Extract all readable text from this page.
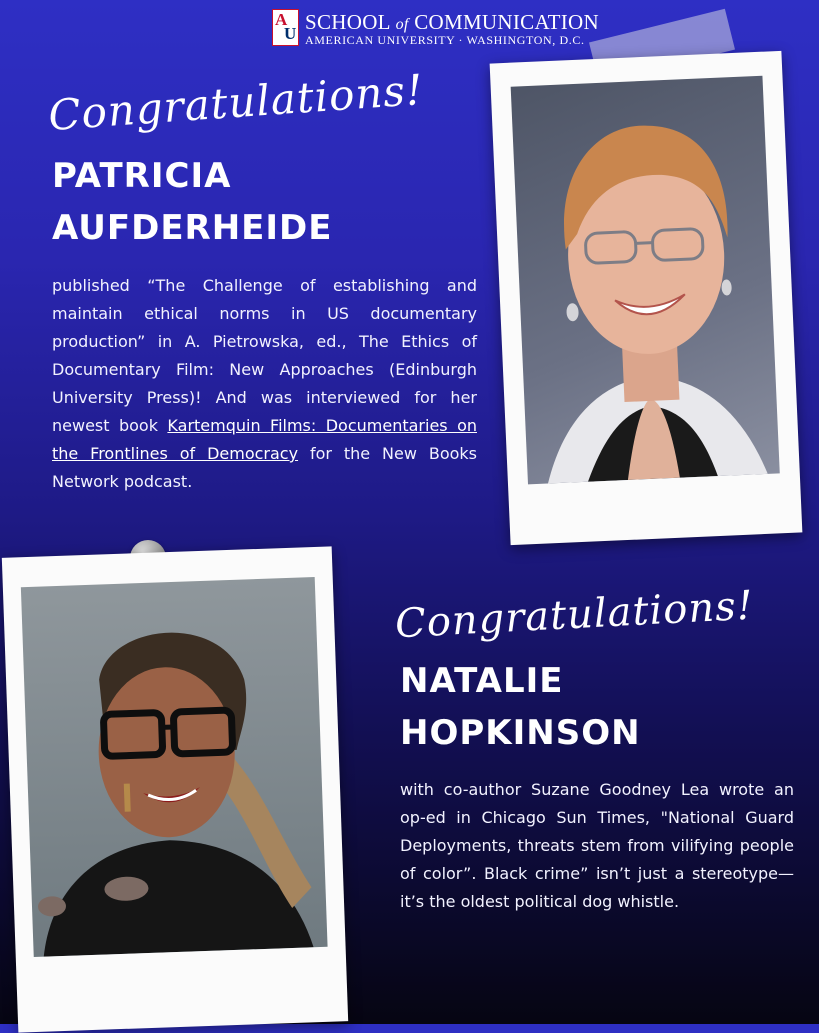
A
U SCHOOL of COMMUNICATION
AMERICAN UNIVERSITY · WASHINGTON, D.C.
Congratulations!
PATRICIA
AUFDERHEIDE
published “The Challenge of establishing and maintain ethical norms in US documentary production” in A. Pietrowska, ed., The Ethics of Documentary Film: New Approaches (Edinburgh University Press)! And was interviewed for her newest book Kartemquin Films: Documentaries on the Frontlines of Democracy for the New Books Network podcast.
Congratulations!
NATALIE
HOPKINSON
with co-author Suzane Goodney Lea wrote an op-ed in Chicago Sun Times, "National Guard Deployments, threats stem from vilifying people of color”. Black crime” isn’t just a stereotype—it’s the oldest political dog whistle.
